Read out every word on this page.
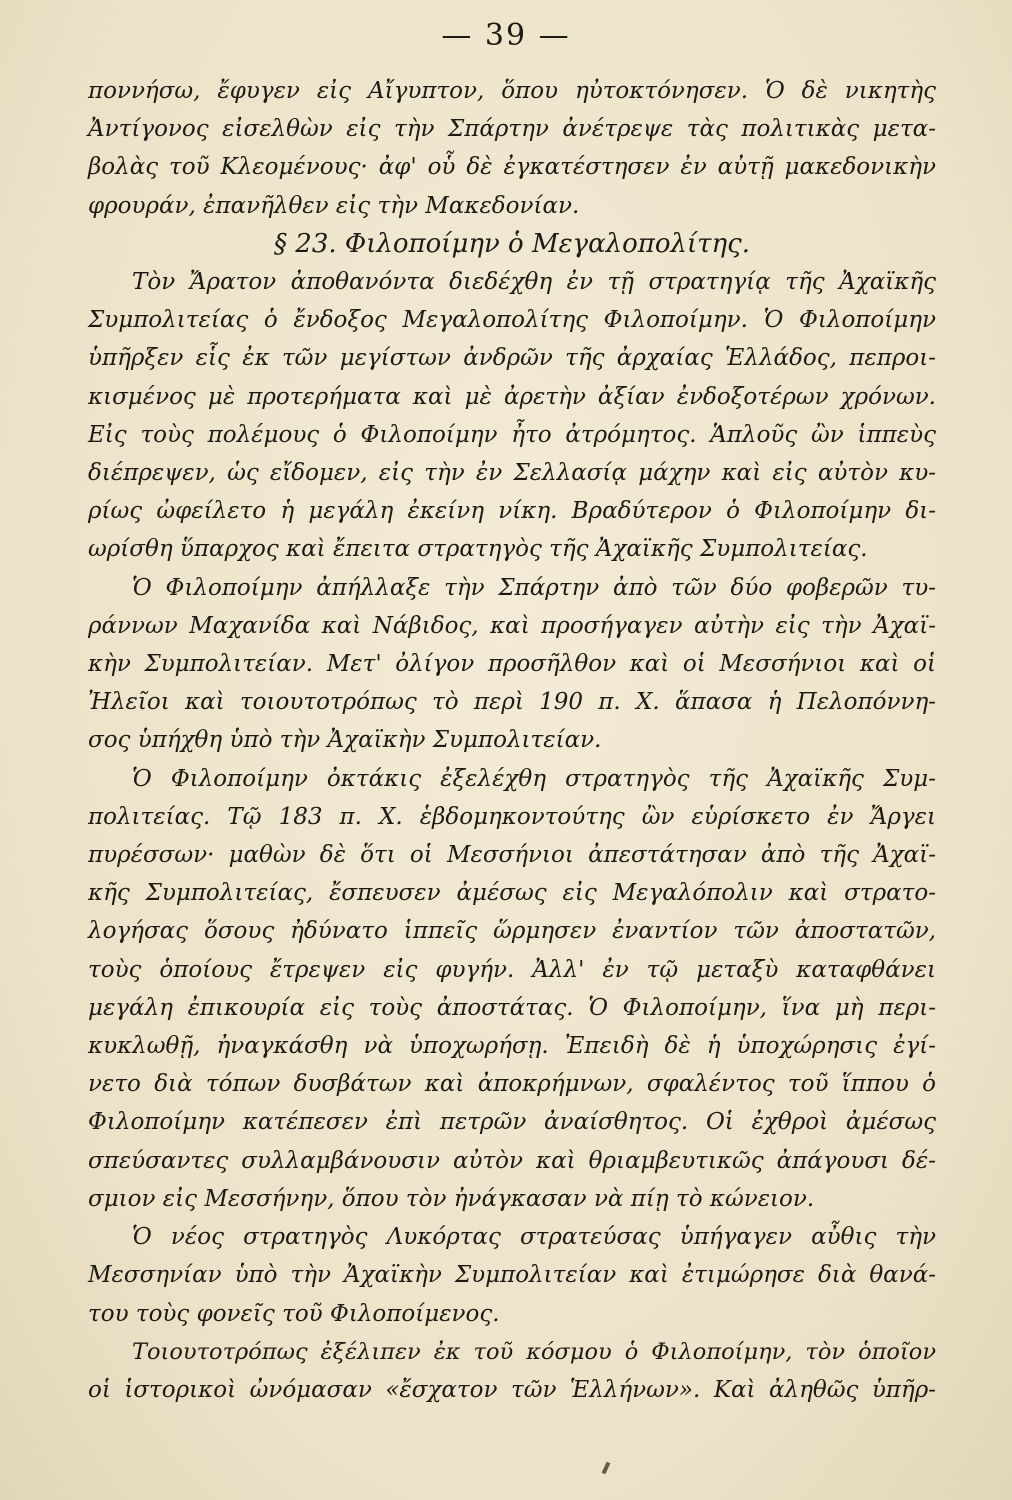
— 39 —
ποννήσω, ἔφυγεν εἰς Αἴγυπτον, ὅπου ηὐτοκτόνησεν. Ὁ δὲ νικητὴς
Ἀντίγονος εἰσελθὼν εἰς τὴν Σπάρτην ἀνέτρεψε τὰς πολιτικὰς μετα-
βολὰς τοῦ Κλεομένους· ἀφ' οὗ δὲ ἐγκατέστησεν ἐν αὐτῇ μακεδονικὴν
φρουράν, ἐπανῆλθεν εἰς τὴν Μακεδονίαν.
§ 23. Φιλοποίμην ὁ Μεγαλοπολίτης.
Τὸν Ἄρατον ἀποθανόντα διεδέχθη ἐν τῇ στρατηγίᾳ τῆς Ἀχαϊκῆς
Συμπολιτείας ὁ ἔνδοξος Μεγαλοπολίτης Φιλοποίμην. Ὁ Φιλοποίμην
ὑπῆρξεν εἷς ἐκ τῶν μεγίστων ἀνδρῶν τῆς ἀρχαίας Ἑλλάδος, πεπροι-
κισμένος μὲ προτερήματα καὶ μὲ ἀρετὴν ἀξίαν ἐνδοξοτέρων χρόνων.
Εἰς τοὺς πολέμους ὁ Φιλοποίμην ἦτο ἀτρόμητος. Ἁπλοῦς ὢν ἱππεὺς
διέπρεψεν, ὡς εἴδομεν, εἰς τὴν ἐν Σελλασίᾳ μάχην καὶ εἰς αὐτὸν κυ-
ρίως ὠφείλετο ἡ μεγάλη ἐκείνη νίκη. Βραδύτερον ὁ Φιλοποίμην δι-
ωρίσθη ὕπαρχος καὶ ἔπειτα στρατηγὸς τῆς Ἀχαϊκῆς Συμπολιτείας.
Ὁ Φιλοποίμην ἀπήλλαξε τὴν Σπάρτην ἀπὸ τῶν δύο φοβερῶν τυ-
ράννων Μαχανίδα καὶ Νάβιδος, καὶ προσήγαγεν αὐτὴν εἰς τὴν Ἀχαϊ-
κὴν Συμπολιτείαν. Μετ' ὀλίγον προσῆλθον καὶ οἱ Μεσσήνιοι καὶ οἱ
Ἠλεῖοι καὶ τοιουτοτρόπως τὸ περὶ 190 π. Χ. ἅπασα ἡ Πελοπόννη-
σος ὑπήχθη ὑπὸ τὴν Ἀχαϊκὴν Συμπολιτείαν.
Ὁ Φιλοποίμην ὀκτάκις ἐξελέχθη στρατηγὸς τῆς Ἀχαϊκῆς Συμ-
πολιτείας. Τῷ 183 π. Χ. ἑβδομηκοντούτης ὢν εὑρίσκετο ἐν Ἄργει
πυρέσσων· μαθὼν δὲ ὅτι οἱ Μεσσήνιοι ἀπεστάτησαν ἀπὸ τῆς Ἀχαϊ-
κῆς Συμπολιτείας, ἔσπευσεν ἀμέσως εἰς Μεγαλόπολιν καὶ στρατο-
λογήσας ὅσους ἠδύνατο ἱππεῖς ὥρμησεν ἐναντίον τῶν ἀποστατῶν,
τοὺς ὁποίους ἔτρεψεν εἰς φυγήν. Ἀλλ' ἐν τῷ μεταξὺ καταφθάνει
μεγάλη ἐπικουρία εἰς τοὺς ἀποστάτας. Ὁ Φιλοποίμην, ἵνα μὴ περι-
κυκλωθῇ, ἠναγκάσθη νὰ ὑποχωρήσῃ. Ἐπειδὴ δὲ ἡ ὑποχώρησις ἐγί-
νετο διὰ τόπων δυσβάτων καὶ ἀποκρήμνων, σφαλέντος τοῦ ἵππου ὁ
Φιλοποίμην κατέπεσεν ἐπὶ πετρῶν ἀναίσθητος. Οἱ ἐχθροὶ ἀμέσως
σπεύσαντες συλλαμβάνουσιν αὐτὸν καὶ θριαμβευτικῶς ἀπάγουσι δέ-
σμιον εἰς Μεσσήνην, ὅπου τὸν ἠνάγκασαν νὰ πίῃ τὸ κώνειον.
Ὁ νέος στρατηγὸς Λυκόρτας στρατεύσας ὑπήγαγεν αὖθις τὴν
Μεσσηνίαν ὑπὸ τὴν Ἀχαϊκὴν Συμπολιτείαν καὶ ἐτιμώρησε διὰ θανά-
του τοὺς φονεῖς τοῦ Φιλοποίμενος.
Τοιουτοτρόπως ἐξέλιπεν ἐκ τοῦ κόσμου ὁ Φιλοποίμην, τὸν ὁποῖον
οἱ ἱστορικοὶ ὠνόμασαν «ἔσχατον τῶν Ἑλλήνων». Καὶ ἀληθῶς ὑπῆρ-
